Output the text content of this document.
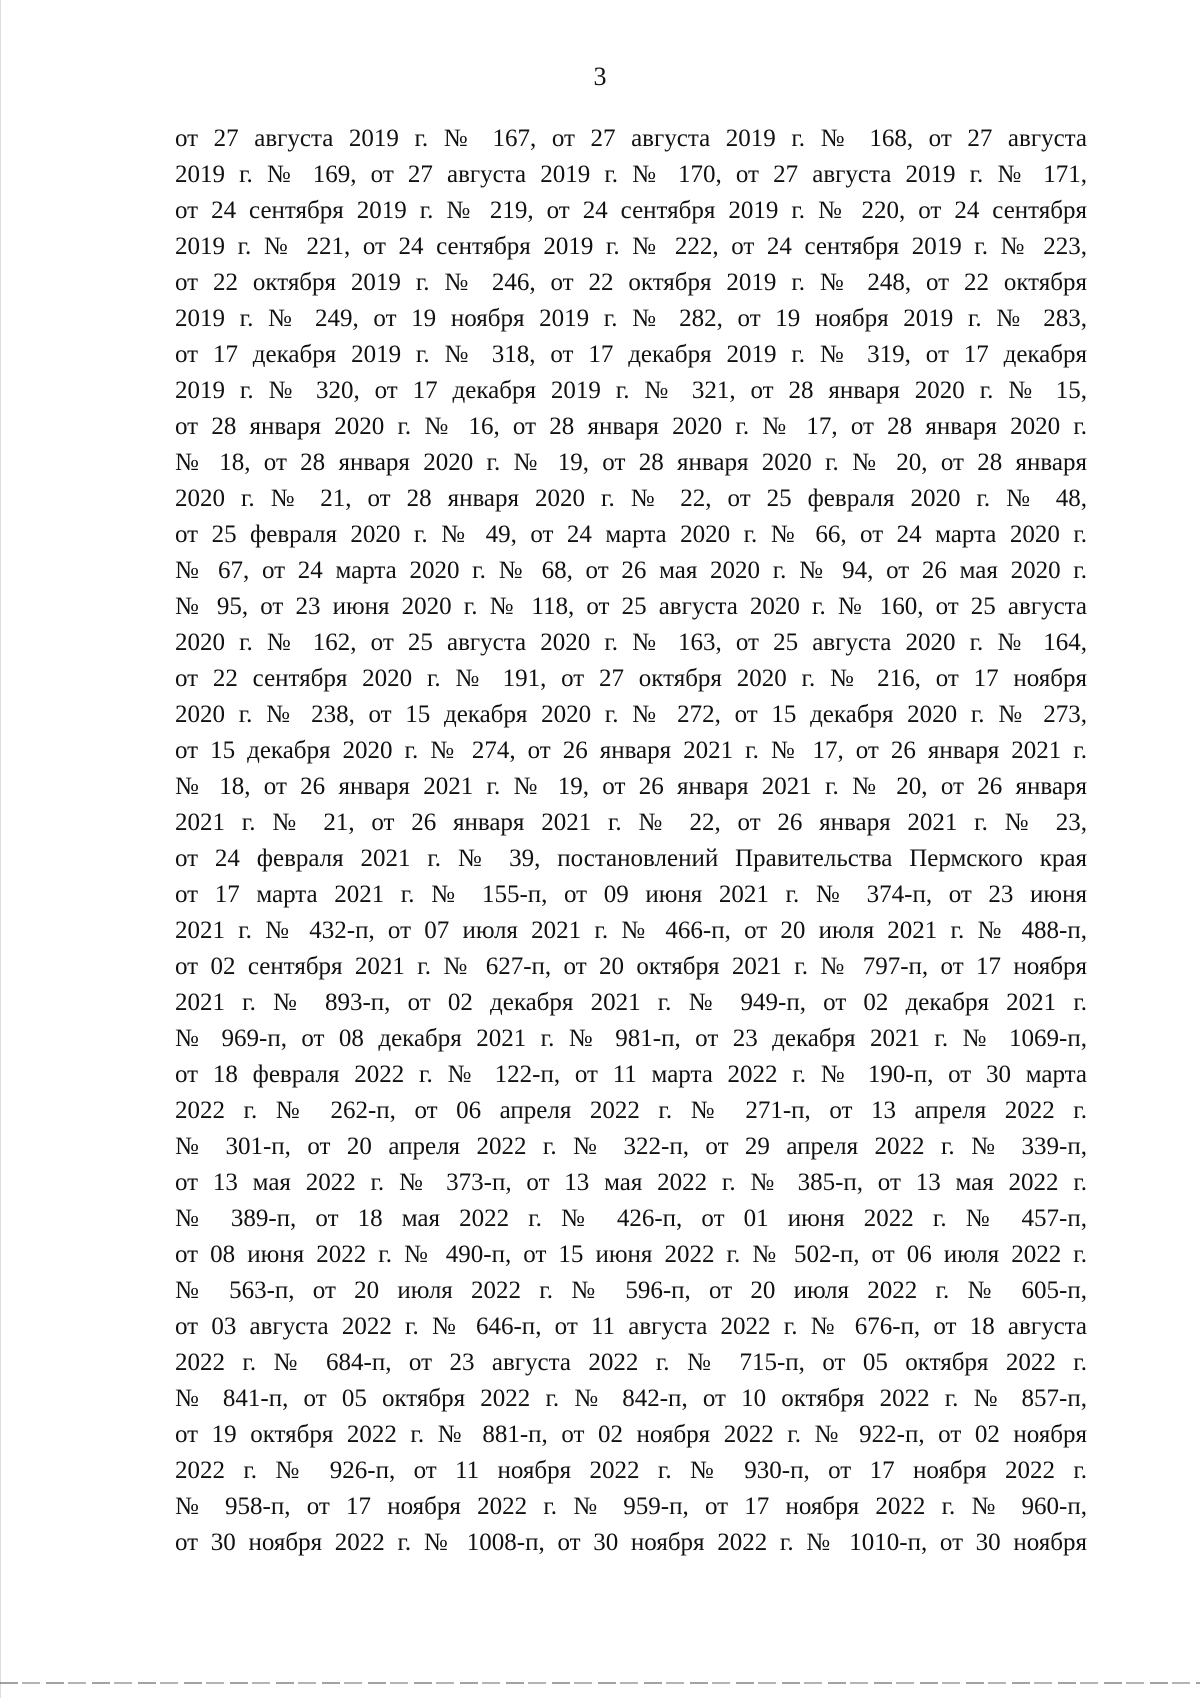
3
от 27 августа 2019 г. № 167, от 27 августа 2019 г. № 168, от 27 августа
2019 г. № 169, от 27 августа 2019 г. № 170, от 27 августа 2019 г. № 171,
от 24 сентября 2019 г. № 219, от 24 сентября 2019 г. № 220, от 24 сентября
2019 г. № 221, от 24 сентября 2019 г. № 222, от 24 сентября 2019 г. № 223,
от 22 октября 2019 г. № 246, от 22 октября 2019 г. № 248, от 22 октября
2019 г. № 249, от 19 ноября 2019 г. № 282, от 19 ноября 2019 г. № 283,
от 17 декабря 2019 г. № 318, от 17 декабря 2019 г. № 319, от 17 декабря
2019 г. № 320, от 17 декабря 2019 г. № 321, от 28 января 2020 г. № 15,
от 28 января 2020 г. № 16, от 28 января 2020 г. № 17, от 28 января 2020 г.
№ 18, от 28 января 2020 г. № 19, от 28 января 2020 г. № 20, от 28 января
2020 г. № 21, от 28 января 2020 г. № 22, от 25 февраля 2020 г. № 48,
от 25 февраля 2020 г. № 49, от 24 марта 2020 г. № 66, от 24 марта 2020 г.
№ 67, от 24 марта 2020 г. № 68, от 26 мая 2020 г. № 94, от 26 мая 2020 г.
№ 95, от 23 июня 2020 г. № 118, от 25 августа 2020 г. № 160, от 25 августа
2020 г. № 162, от 25 августа 2020 г. № 163, от 25 августа 2020 г. № 164,
от 22 сентября 2020 г. № 191, от 27 октября 2020 г. № 216, от 17 ноября
2020 г. № 238, от 15 декабря 2020 г. № 272, от 15 декабря 2020 г. № 273,
от 15 декабря 2020 г. № 274, от 26 января 2021 г. № 17, от 26 января 2021 г.
№ 18, от 26 января 2021 г. № 19, от 26 января 2021 г. № 20, от 26 января
2021 г. № 21, от 26 января 2021 г. № 22, от 26 января 2021 г. № 23,
от 24 февраля 2021 г. № 39, постановлений Правительства Пермского края
от 17 марта 2021 г. № 155-п, от 09 июня 2021 г. № 374-п, от 23 июня
2021 г. № 432-п, от 07 июля 2021 г. № 466-п, от 20 июля 2021 г. № 488-п,
от 02 сентября 2021 г. № 627-п, от 20 октября 2021 г. № 797-п, от 17 ноября
2021 г. № 893-п, от 02 декабря 2021 г. № 949-п, от 02 декабря 2021 г.
№ 969-п, от 08 декабря 2021 г. № 981-п, от 23 декабря 2021 г. № 1069-п,
от 18 февраля 2022 г. № 122-п, от 11 марта 2022 г. № 190-п, от 30 марта
2022 г. № 262-п, от 06 апреля 2022 г. № 271-п, от 13 апреля 2022 г.
№ 301-п, от 20 апреля 2022 г. № 322-п, от 29 апреля 2022 г. № 339-п,
от 13 мая 2022 г. № 373-п, от 13 мая 2022 г. № 385-п, от 13 мая 2022 г.
№ 389-п, от 18 мая 2022 г. № 426-п, от 01 июня 2022 г. № 457-п,
от 08 июня 2022 г. № 490-п, от 15 июня 2022 г. № 502-п, от 06 июля 2022 г.
№ 563-п, от 20 июля 2022 г. № 596-п, от 20 июля 2022 г. № 605-п,
от 03 августа 2022 г. № 646-п, от 11 августа 2022 г. № 676-п, от 18 августа
2022 г. № 684-п, от 23 августа 2022 г. № 715-п, от 05 октября 2022 г.
№ 841-п, от 05 октября 2022 г. № 842-п, от 10 октября 2022 г. № 857-п,
от 19 октября 2022 г. № 881-п, от 02 ноября 2022 г. № 922-п, от 02 ноября
2022 г. № 926-п, от 11 ноября 2022 г. № 930-п, от 17 ноября 2022 г.
№ 958-п, от 17 ноября 2022 г. № 959-п, от 17 ноября 2022 г. № 960-п,
от 30 ноября 2022 г. № 1008-п, от 30 ноября 2022 г. № 1010-п, от 30 ноября
